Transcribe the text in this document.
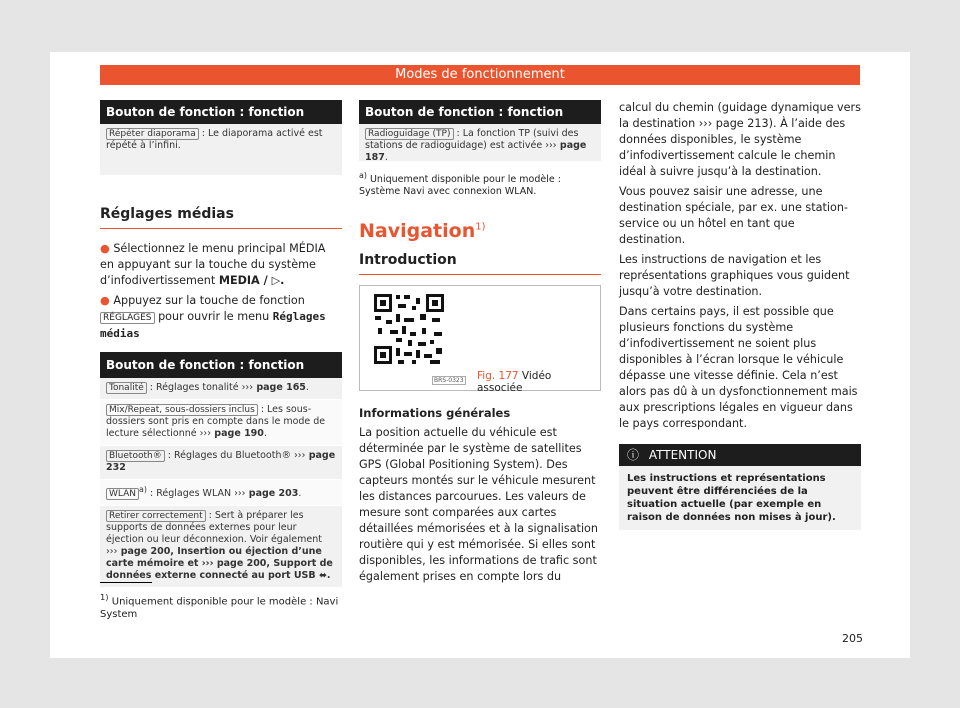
Modes de fonctionnement
Bouton de fonction : fonction
Répéter diaporama : Le diaporama activé est répété à l’infini.

Réglages médias

● Sélectionnez le menu principal MÉDIA en appuyant sur la touche du système d’infodivertissement MEDIA / ▷.

● Appuyez sur la touche de fonction RÉGLAGES pour ouvrir le menu Réglages médias

Bouton de fonction : fonction
Tonalité : Réglages tonalité ››› page 165.
Mix/Repeat, sous-dossiers inclus : Les sous-dossiers sont pris en compte dans le mode de lecture sélectionné ››› page 190.
Bluetooth® : Réglages du Bluetooth® ››› page 232
WLAN $^{a)}$ : Réglages WLAN ››› page 203.
Retirer correctement : Sert à préparer les supports de données externes pour leur éjection ou leur déconnexion. Voir également ››› page 200, Insertion ou éjection d’une carte mémoire et ››› page 200, Support de données externe connecté au port USB ⬌.
Bouton de fonction : fonction
Radioguidage (TP) : La fonction TP (suivi des stations de radioguidage) est activée ››› page 187.

$^{a)}$ Uniquement disponible pour le modèle : Système Navi avec connexion WLAN.

Navigation$^{1)}$

Introduction

BRS-0323 Fig. 177 Vidéo associée

Informations générales

La position actuelle du véhicule est déterminée par le système de satellites GPS (Global Positioning System). Des capteurs montés sur le véhicule mesurent les distances parcourues. Les valeurs de mesure sont comparées aux cartes détaillées mémorisées et à la signalisation routière qui y est mémorisée. Si elles sont disponibles, les informations de trafic sont également prises en compte lors du

calcul du chemin (guidage dynamique vers la destination ››› page 213). À l’aide des données disponibles, le système d’infodivertissement calcule le chemin idéal à suivre jusqu’à la destination.

Vous pouvez saisir une adresse, une destination spéciale, par ex. une station-service ou un hôtel en tant que destination.

Les instructions de navigation et les représentations graphiques vous guident jusqu’à votre destination.

Dans certains pays, il est possible que plusieurs fonctions du système d’infodivertissement ne soient plus disponibles à l’écran lorsque le véhicule dépasse une vitesse définie. Cela n’est alors pas dû à un dysfonctionnement mais aux prescriptions légales en vigueur dans le pays correspondant.

ⓘ ATTENTION
Les instructions et représentations peuvent être différenciées de la situation actuelle (par exemple en raison de données non mises à jour).
$^{1)}$ Uniquement disponible pour le modèle : Navi System
205
